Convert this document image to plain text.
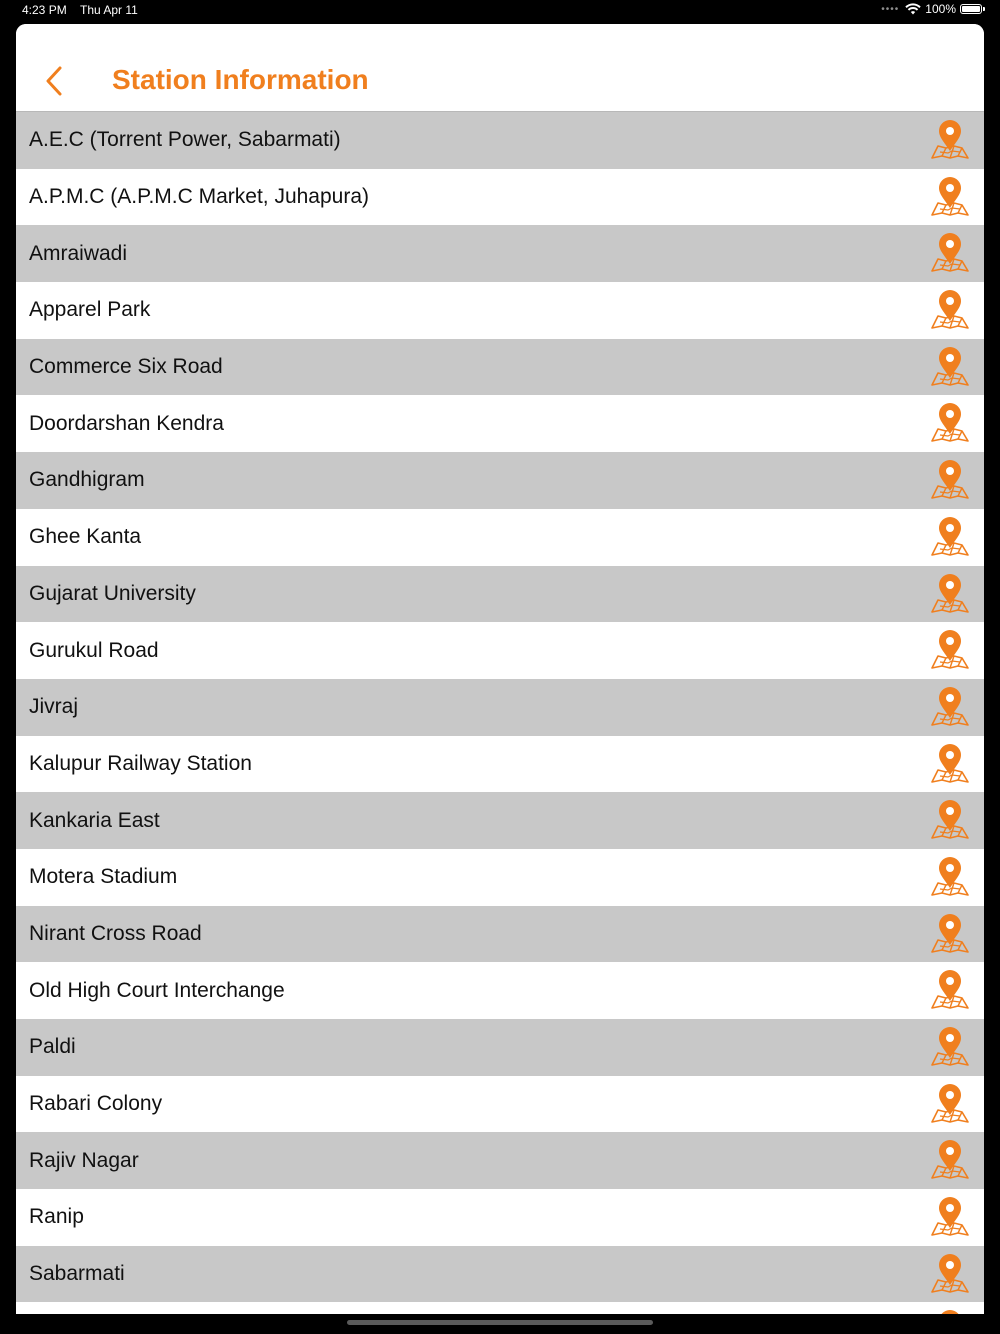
4:23 PM Thu Apr 11	•••• 100%
Station Information
A.E.C (Torrent Power, Sabarmati)
A.P.M.C (A.P.M.C Market, Juhapura)
Amraiwadi
Apparel Park
Commerce Six Road
Doordarshan Kendra
Gandhigram
Ghee Kanta
Gujarat University
Gurukul Road
Jivraj
Kalupur Railway Station
Kankaria East
Motera Stadium
Nirant Cross Road
Old High Court Interchange
Paldi
Rabari Colony
Rajiv Nagar
Ranip
Sabarmati
